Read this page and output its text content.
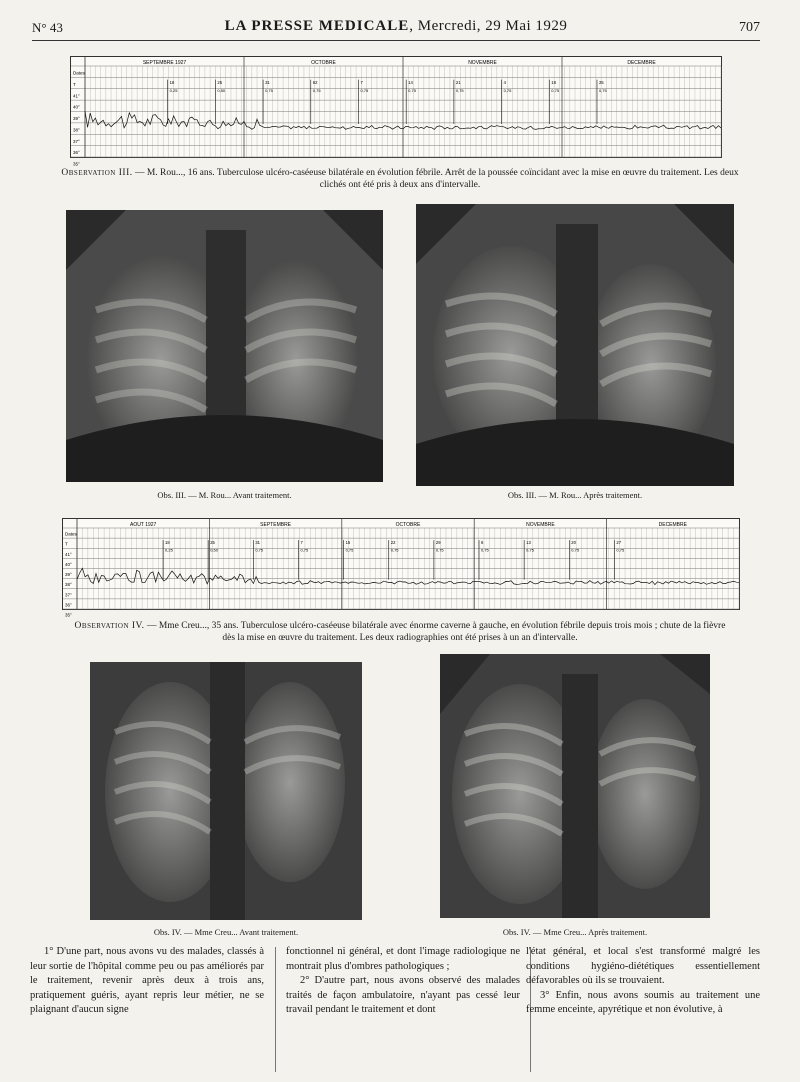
N° 43	LA PRESSE MEDICALE, Mercredi, 29 Mai 1929	707
SEPTEMBRE 1927	OCTOBRE	NOVEMBRE	DECEMBRE
Dates
T
41°
40°
39°
38°
37°
36°
35°
18
0,25
25
0,50
31
0,75
62
0,75
7
0,75
14
0,75
21
0,75
4
0,75
18
0,75
25
0,75
Observation III. — M. Rou..., 16 ans. Tuberculose ulcéro-caséeuse bilatérale en évolution fébrile. Arrêt de la poussée coïncidant avec la mise en œuvre du traitement. Les deux clichés ont été pris à deux ans d'intervalle.
Obs. III. — M. Rou... Avant traitement.	Obs. III. — M. Rou... Après traitement.
AOUT 1927	SEPTEMBRE	OCTOBRE	NOVEMBRE	DECEMBRE
Dates
T
41°
40°
39°
38°
37°
36°
35°
18
0,25
25
0,50
31
0,75
7
0,75
15
0,75
22
0,75
29
0,75
6
0,75
13
0,75
20
0,75
27
0,75
Observation IV. — Mme Creu..., 35 ans. Tuberculose ulcéro-caséeuse bilatérale avec énorme caverne à gauche, en évolution fébrile depuis trois mois ; chute de la fièvre dès la mise en œuvre du traitement. Les deux radiographies ont été prises à un an d'intervalle.
Obs. IV. — Mme Creu... Avant traitement.	Obs. IV. — Mme Creu... Après traitement.

1° D'une part, nous avons vu des malades, classés à leur sortie de l'hôpital comme peu ou pas améliorés par le traitement, revenir après deux à trois ans, pratiquement guéris, ayant repris leur métier, ne se plaignant d'aucun signe

fonctionnel ni général, et dont l'image radiologique ne montrait plus d'ombres pathologiques ;

2° D'autre part, nous avons observé des malades traités de façon ambulatoire, n'ayant pas cessé leur travail pendant le traitement et dont

l'état général, et local s'est transformé malgré les conditions hygiéno-diététiques essentiellement défavorables où ils se trouvaient.

3° Enfin, nous avons soumis au traitement une femme enceinte, apyrétique et non évolutive, à
